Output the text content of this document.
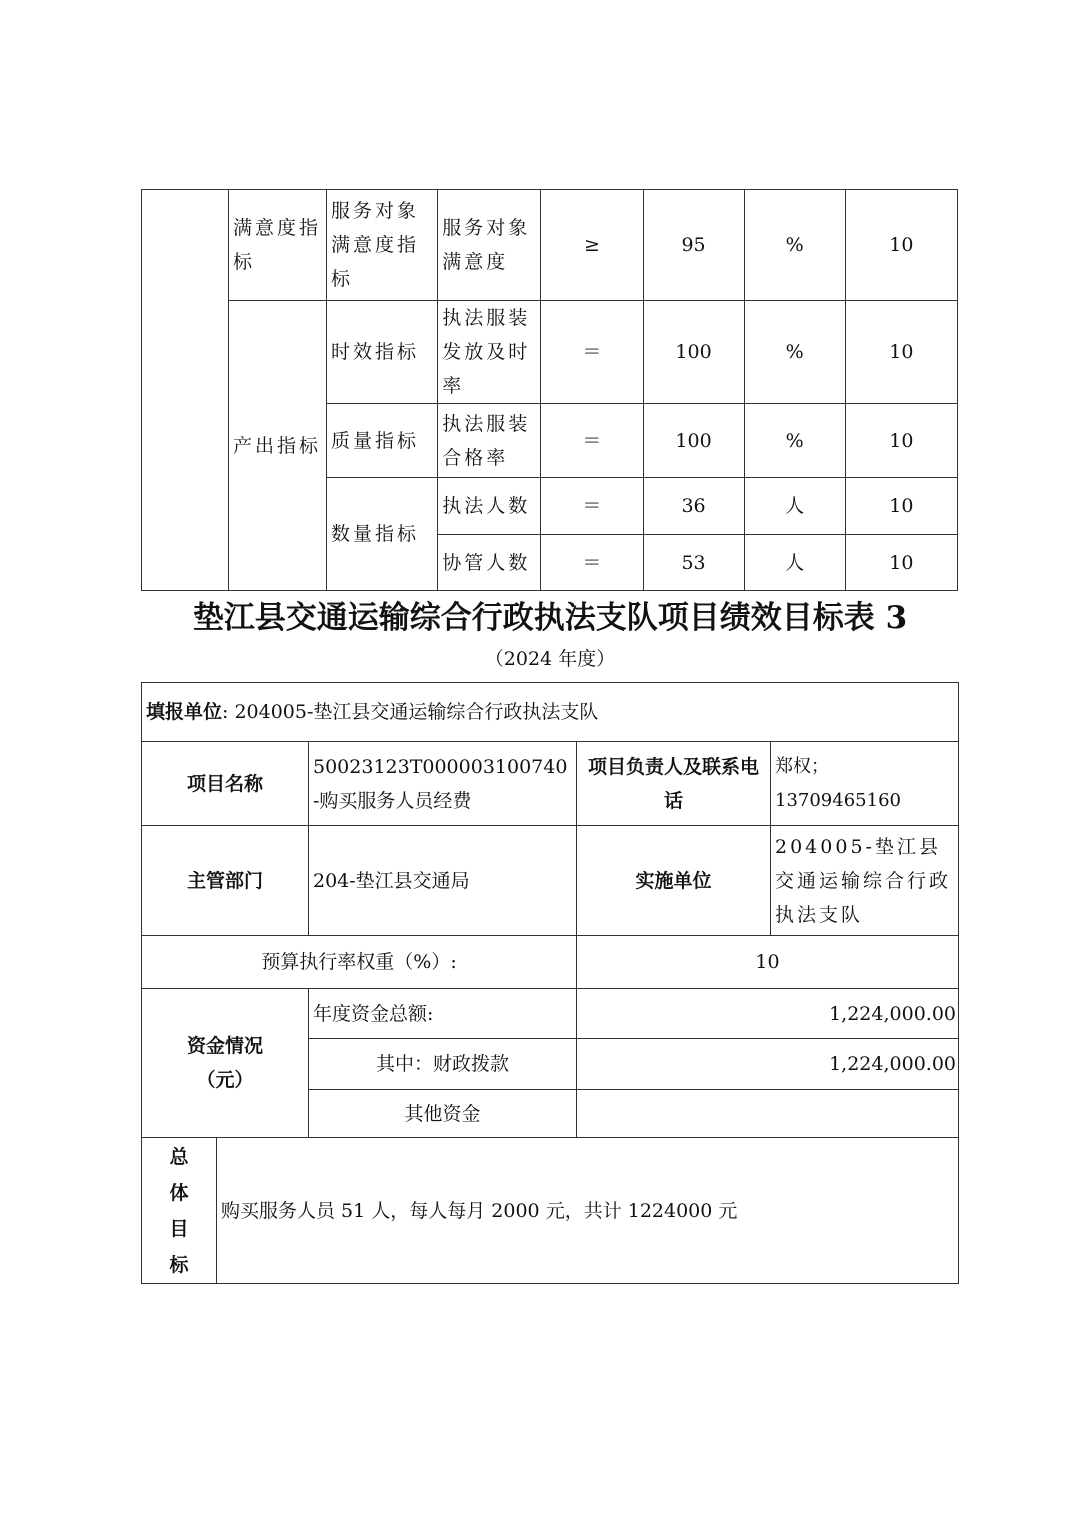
	满意度指标	服务对象满意度指标	服务对象满意度	≥	95	%	10
	产出指标	时效指标	执法服装发放及时率	＝	100	%	10
		质量指标	执法服装合格率	＝	100	%	10
		数量指标	执法人数	＝	36	人	10
			协管人数	＝	53	人	10
垫江县交通运输综合行政执法支队项目绩效目标表 3
（2024 年度）
填报单位: 204005-垫江县交通运输综合行政执法支队				
项目名称		50023123T000003100740-购买服务人员经费	项目负责人及联系电话	郑权；13709465160
主管部门		204-垫江县交通局	实施单位	204005-垫江县交通运输综合行政执法支队
预算执行率权重（%）:			10	

资金情况
（元）		年度资金总额:	1,224,000.00	
		其中：财政拨款	1,224,000.00	
		其他资金		

总
体
目
标	购买服务人员 51 人，每人每月 2000 元，共计 1224000 元			
